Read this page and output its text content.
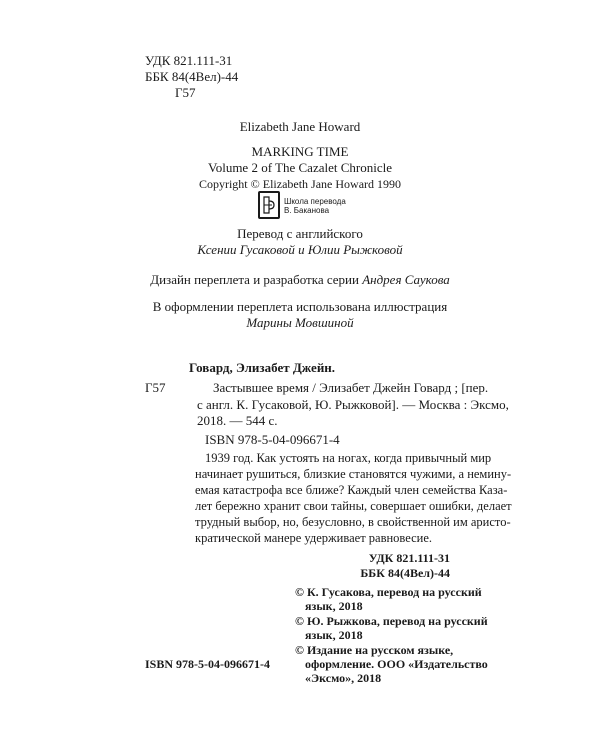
УДК 821.111-31
ББК 84(4Вел)-44
Г57
Elizabeth Jane Howard
MARKING TIME
Volume 2 of The Cazalet Chronicle
Copyright © Elizabeth Jane Howard 1990
Школа перевода
В. Баканова
Перевод с английского
Ксении Гусаковой и Юлии Рыжковой
Дизайн переплета и разработка серии Андрея Саукова
В оформлении переплета использована иллюстрация
Марины Мовшиной
Говард, Элизабет Джейн.
Г57	Застывшее время / Элизабет Джейн Говард ; [пер.
с англ. К. Гусаковой, Ю. Рыжковой]. — Москва : Эксмо,
2018. — 544 с.
ISBN 978-5-04-096671-4
1939 год. Как устоять на ногах, когда привычный мир
начинает рушиться, близкие становятся чужими, а немину-
емая катастрофа все ближе? Каждый член семейства Каза-
лет бережно хранит свои тайны, совершает ошибки, делает
трудный выбор, но, безусловно, в свойственной им аристо-
кратической манере удерживает равновесие.
УДК 821.111-31
ББК 84(4Вел)-44
© К. Гусакова, перевод на русский
язык, 2018
© Ю. Рыжкова, перевод на русский
язык, 2018
© Издание на русском языке,
оформление. ООО «Издательство
«Эксмо», 2018
ISBN 978-5-04-096671-4
